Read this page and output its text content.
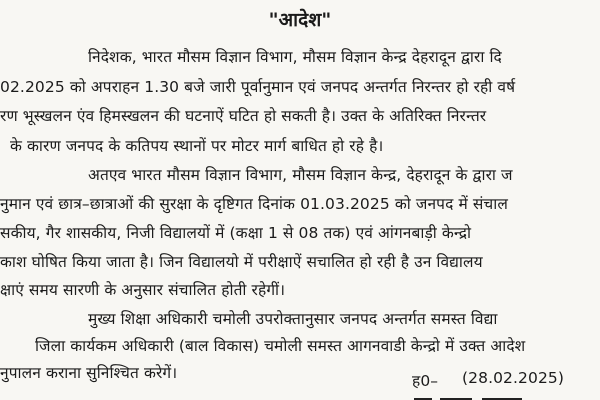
"आदेश"
निदेशक, भारत मौसम विज्ञान विभाग, मौसम विज्ञान केन्द्र देहरादून द्वारा दि
02.2025 को अपराहन 1.30 बजे जारी पूर्वानुमान एवं जनपद अन्तर्गत निरन्तर हो रही वर्ष
रण भूस्खलन एंव हिमस्खलन की घटनाऐं घटित हो सकती है। उक्त के अतिरिक्त निरन्तर
के कारण जनपद के कतिपय स्थानों पर मोटर मार्ग बाधित हो रहे है।
अतएव भारत मौसम विज्ञान विभाग, मौसम विज्ञान केन्द्र, देहरादून के द्वारा ज
नुमान एवं छात्र–छात्राओं की सुरक्षा के दृष्टिगत दिनांक 01.03.2025 को जनपद में संचाल
सकीय, गैर शासकीय, निजी विद्यालयों में (कक्षा 1 से 08 तक) एवं आंगनबाड़ी केन्द्रो
काश घोषित किया जाता है। जिन विद्यालयो में परीक्षाऐं सचालित हो रही है उन विद्यालय
क्षाएं समय सारणी के अनुसार संचालित होती रहेगीं।
मुख्य शिक्षा अधिकारी चमोली उपरोक्तानुसार जनपद अन्तर्गत समस्त विद्या
जिला कार्यकम अधिकारी (बाल विकास) चमोली समस्त आगनवाडी केन्द्रो में उक्त आदेश
नुपालन कराना सुनिश्चित करेगें।	ह0– (28.02.2025)
